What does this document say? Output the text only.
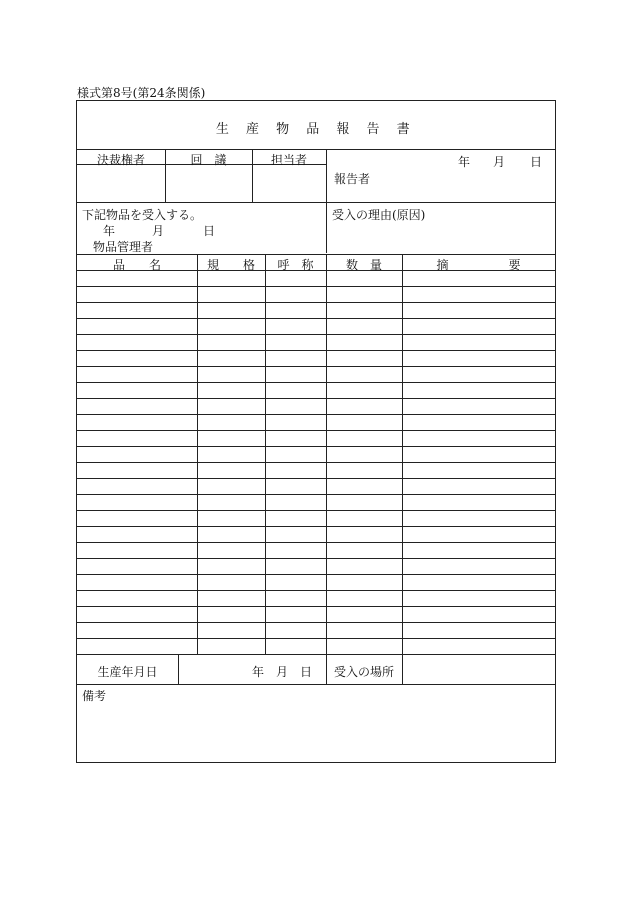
様式第8号(第24条関係)
生 産 物 品 報 告 書
決裁権者	回　議	担当者	年 月 日
報告者
下記物品を受入する。
年	月	日
物品管理者
受入の理由(原因)
品　　名	規　　格	呼　称	数　量	摘　　　　　要
生産年月日	年 月 日	受入の場所
備考
